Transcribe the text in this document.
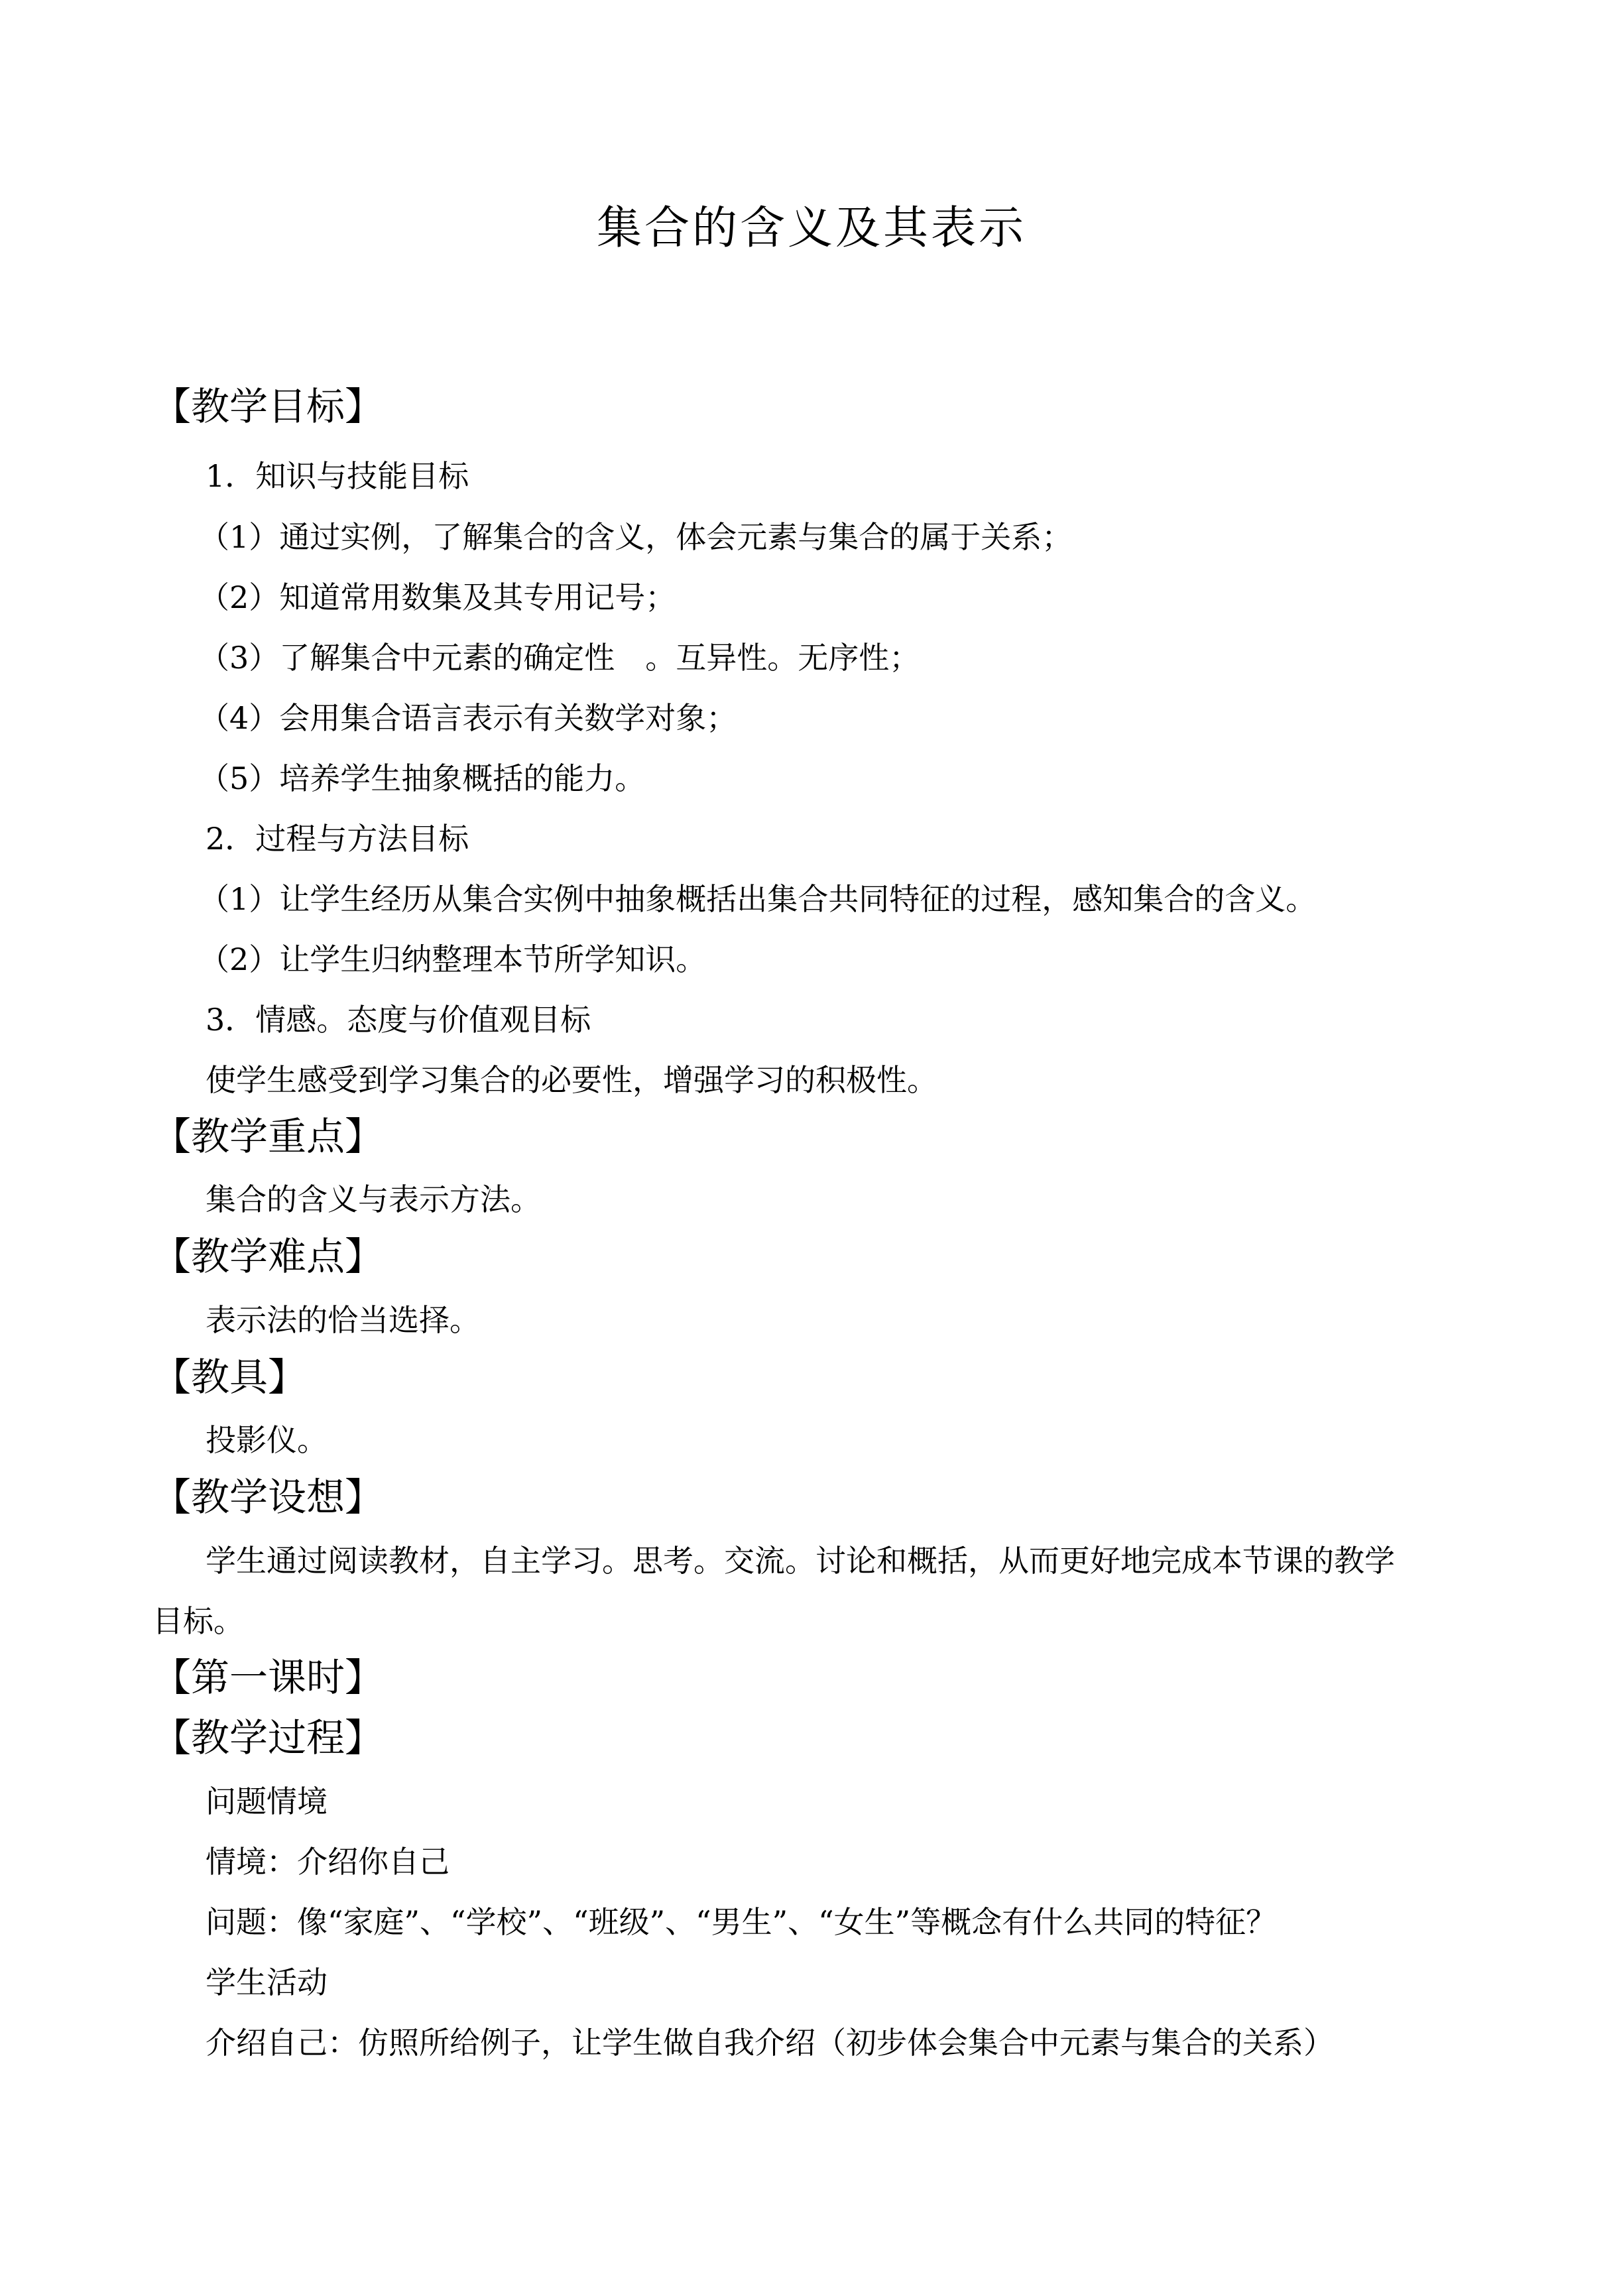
集合的含义及其表示
【教学目标】
1．知识与技能目标
（1）通过实例，了解集合的含义，体会元素与集合的属于关系；
（2）知道常用数集及其专用记号；
（3）了解集合中元素的确定性　。互异性。无序性；
（4）会用集合语言表示有关数学对象；
（5）培养学生抽象概括的能力。
2．过程与方法目标
（1）让学生经历从集合实例中抽象概括出集合共同特征的过程，感知集合的含义。
（2）让学生归纳整理本节所学知识。
3．情感。态度与价值观目标
使学生感受到学习集合的必要性，增强学习的积极性。
【教学重点】
集合的含义与表示方法。
【教学难点】
表示法的恰当选择。
【教具】
投影仪。
【教学设想】
学生通过阅读教材，自主学习。思考。交流。讨论和概括，从而更好地完成本节课的教学
目标。
【第一课时】
【教学过程】
问题情境
情境：介绍你自己
问题：像“家庭”、“学校”、“班级”、“男生”、“女生”等概念有什么共同的特征？
学生活动
介绍自己：仿照所给例子，让学生做自我介绍（初步体会集合中元素与集合的关系）
